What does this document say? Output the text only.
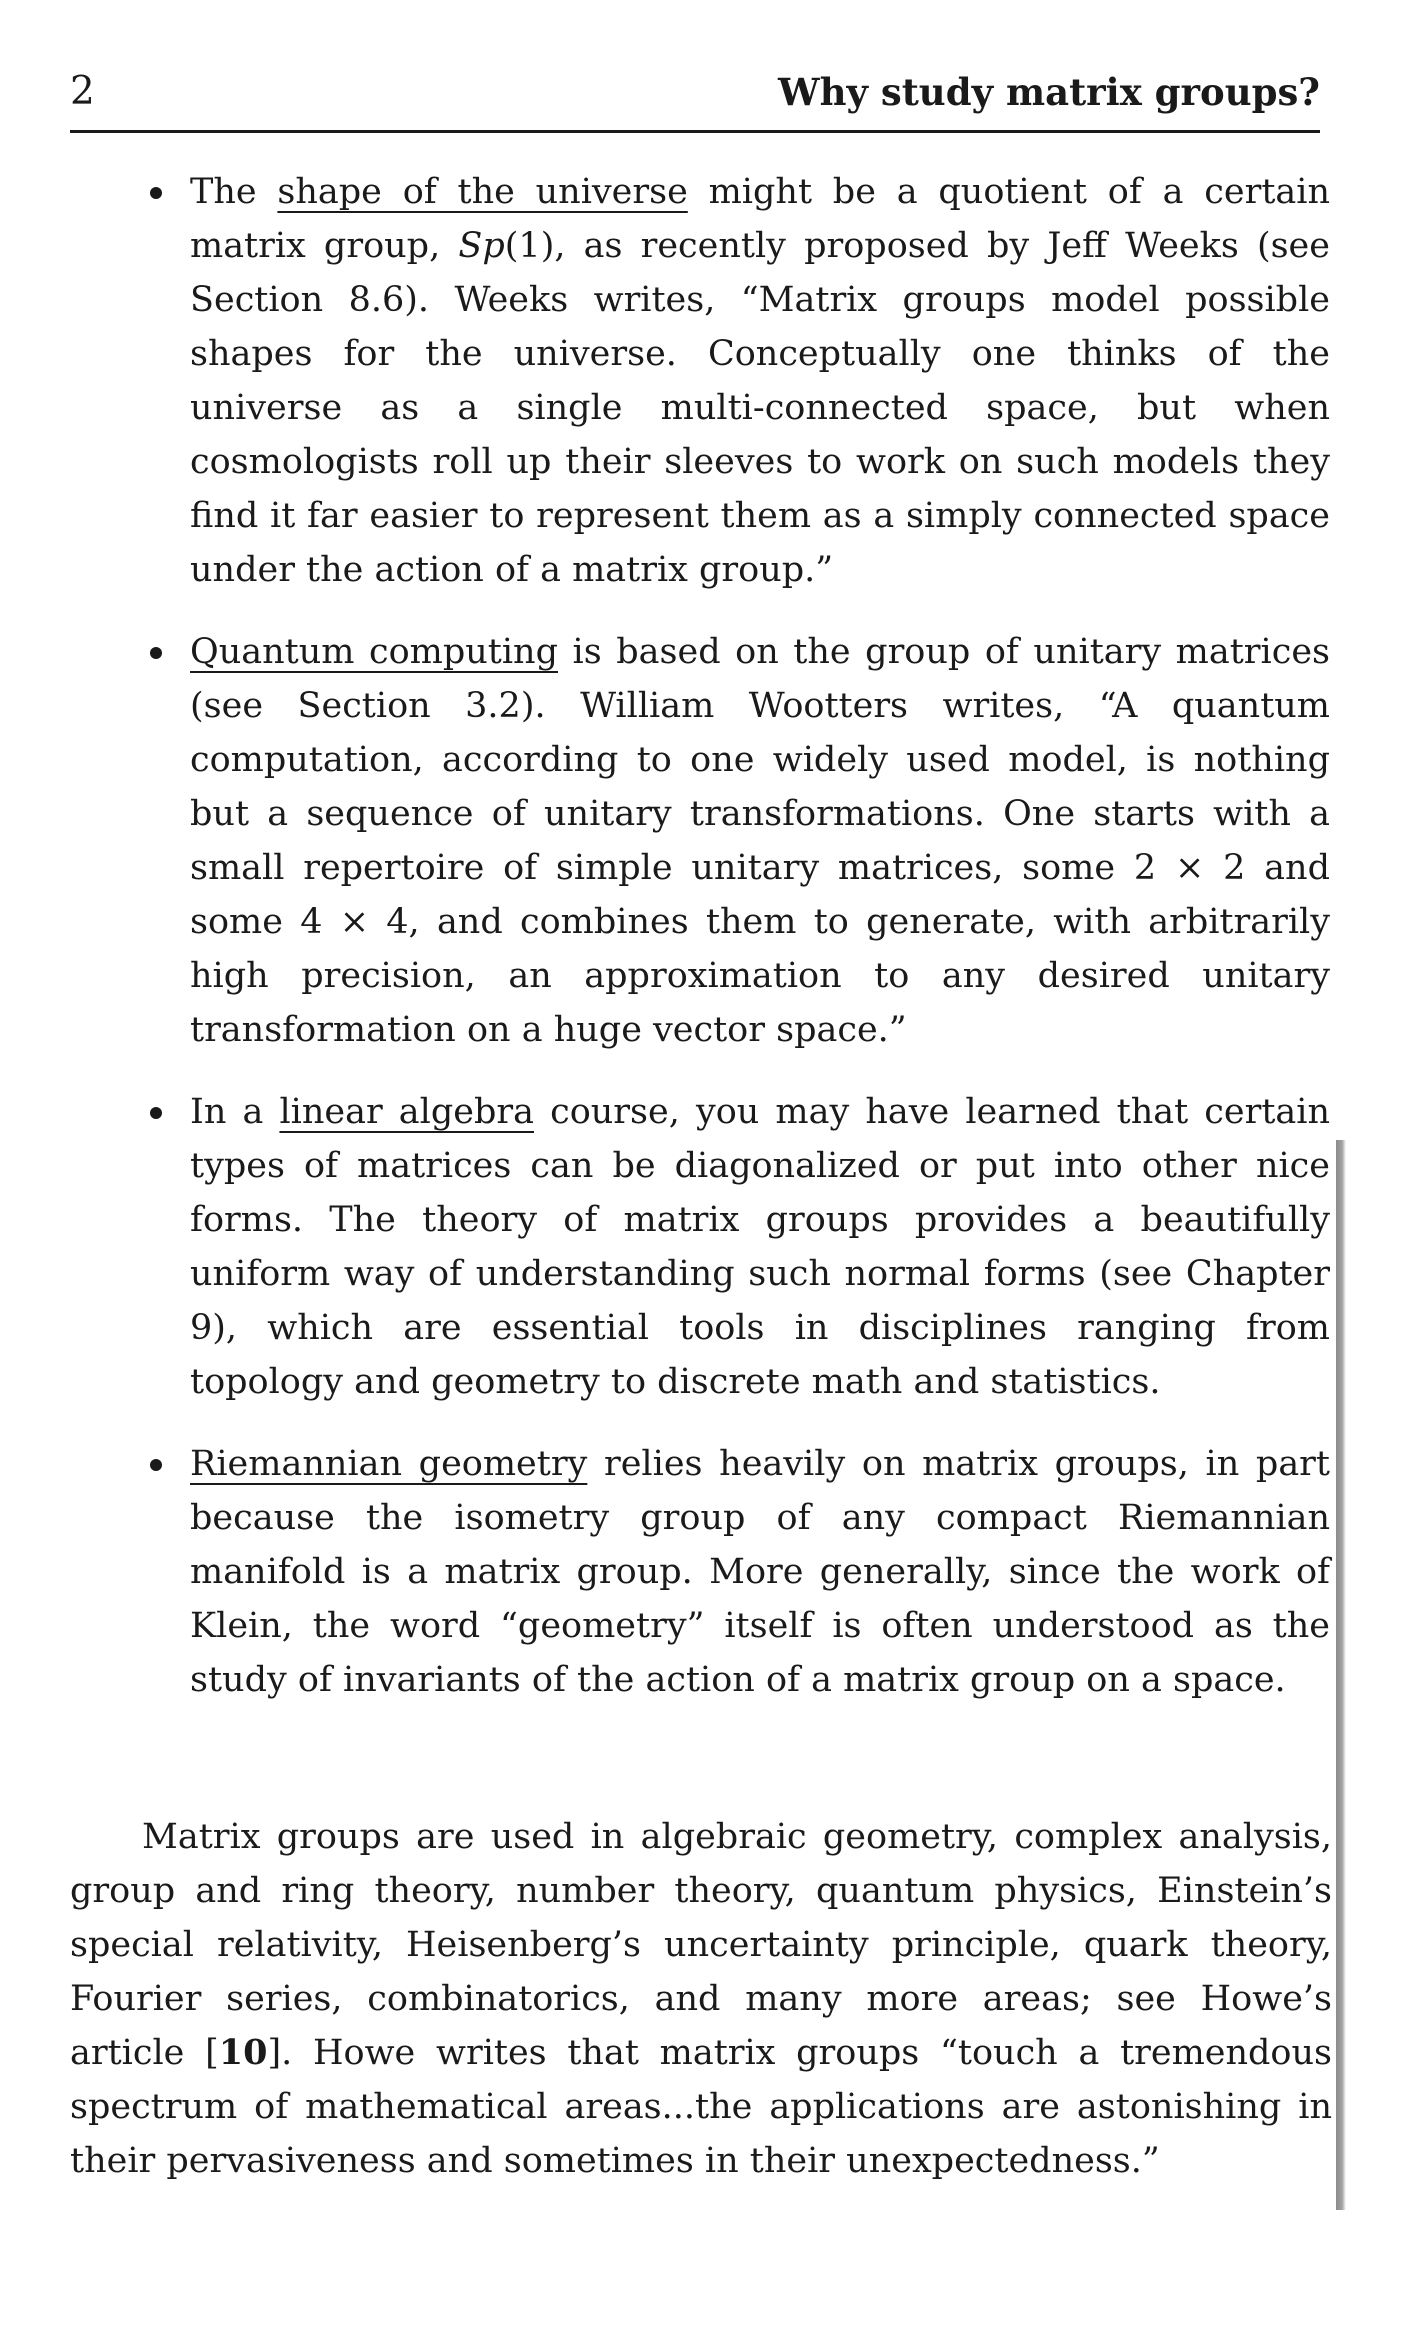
2	Why study matrix groups?
The shape of the universe might be a quotient of a certain matrix group, Sp(1), as recently proposed by Jeff Weeks (see Section 8.6). Weeks writes, “Matrix groups model possible shapes for the universe. Conceptually one thinks of the universe as a single multi-connected space, but when cosmologists roll up their sleeves to work on such models they find it far easier to represent them as a simply connected space under the action of a matrix group.”
Quantum computing is based on the group of unitary matrices (see Section 3.2). William Wootters writes, “A quantum computation, according to one widely used model, is nothing but a sequence of unitary transformations. One starts with a small repertoire of simple unitary matrices, some 2 × 2 and some 4 × 4, and combines them to generate, with arbitrarily high precision, an approximation to any desired unitary transformation on a huge vector space.”
In a linear algebra course, you may have learned that certain types of matrices can be diagonalized or put into other nice forms. The theory of matrix groups provides a beautifully uniform way of understanding such normal forms (see Chapter 9), which are essential tools in disciplines ranging from topology and geometry to discrete math and statistics.
Riemannian geometry relies heavily on matrix groups, in part because the isometry group of any compact Riemannian manifold is a matrix group. More generally, since the work of Klein, the word “geometry” itself is often understood as the study of invariants of the action of a matrix group on a space.

Matrix groups are used in algebraic geometry, complex analysis, group and ring theory, number theory, quantum physics, Einstein’s special relativity, Heisenberg’s uncertainty principle, quark theory, Fourier series, combinatorics, and many more areas; see Howe’s article [10]. Howe writes that matrix groups “touch a tremendous spectrum of mathematical areas...the applications are astonishing in their pervasiveness and sometimes in their unexpectedness.”
